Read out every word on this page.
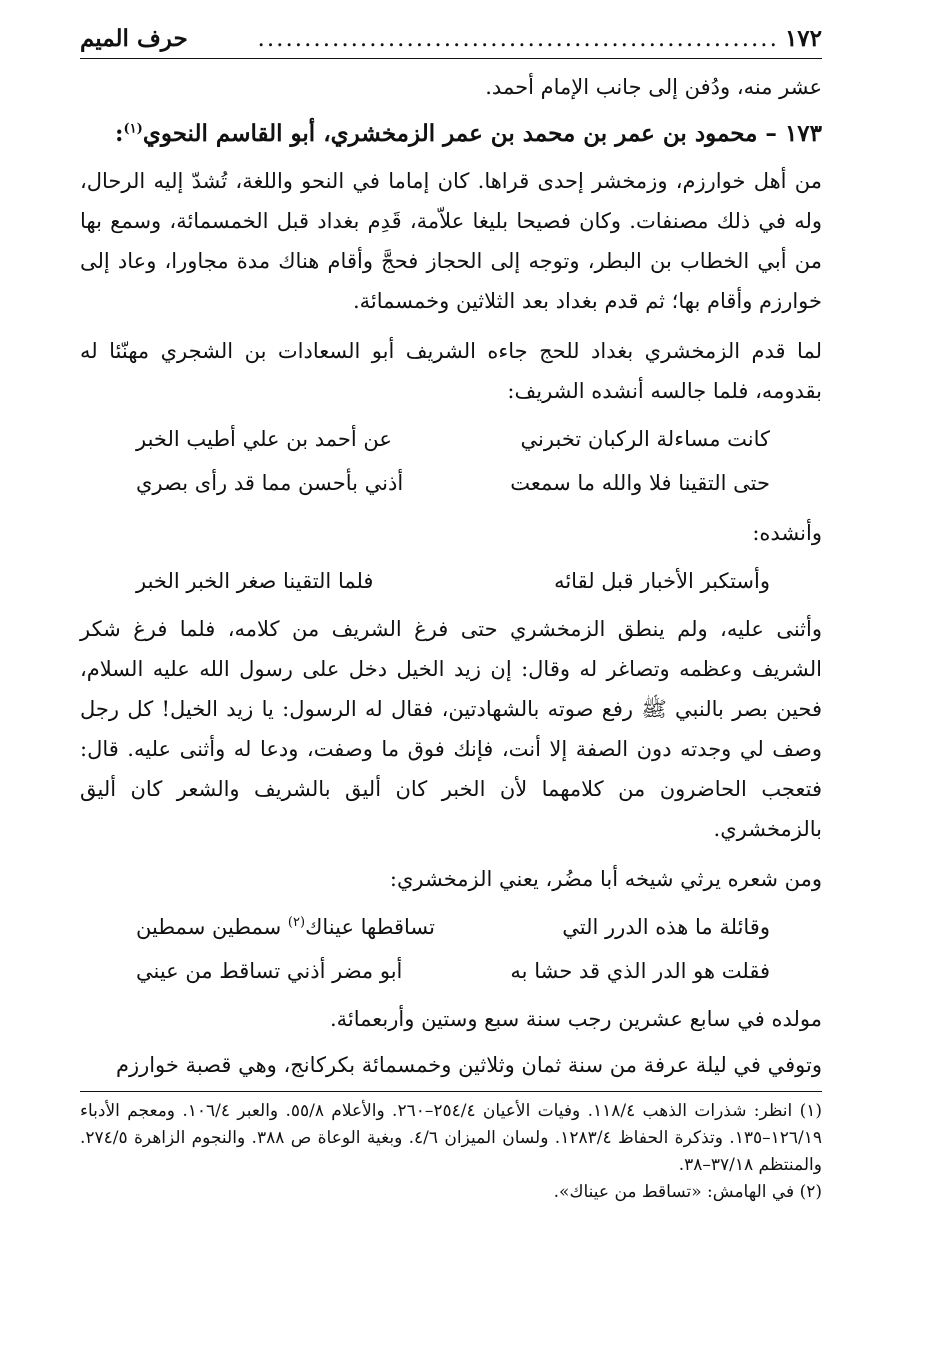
١٧٢
........................................................
حرف الميم

عشر منه، ودُفن إلى جانب الإمام أحمد.

١٧٣ – محمود بن عمر بن محمد بن عمر الزمخشري، أبو القاسم النحوي$^{(١)}$:

من أهل خوارزم، وزمخشر إحدى قراها. كان إماما في النحو واللغة، تُشدّ إليه الرحال، وله في ذلك مصنفات. وكان فصيحا بليغا علاّمة، قَدِم بغداد قبل الخمسمائة، وسمع بها من أبي الخطاب بن البطر، وتوجه إلى الحجاز فحجَّ وأقام هناك مدة مجاورا، وعاد إلى خوارزم وأقام بها؛ ثم قدم بغداد بعد الثلاثين وخمسمائة.

لما قدم الزمخشري بغداد للحج جاءه الشريف أبو السعادات بن الشجري مهنّئا له بقدومه، فلما جالسه أنشده الشريف:

كانت مساءلة الركبان تخبرني
عن أحمد بن علي أطيب الخبر
حتى التقينا فلا والله ما سمعت
أذني بأحسن مما قد رأى بصري

وأنشده:

وأستكبر الأخبار قبل لقائه
فلما التقينا صغر الخبر الخبر

وأثنى عليه، ولم ينطق الزمخشري حتى فرغ الشريف من كلامه، فلما فرغ شكر الشريف وعظمه وتصاغر له وقال: إن زيد الخيل دخل على رسول الله عليه السلام، فحين بصر بالنبي ﷺ رفع صوته بالشهادتين، فقال له الرسول: يا زيد الخيل! كل رجل وصف لي وجدته دون الصفة إلا أنت، فإنك فوق ما وصفت، ودعا له وأثنى عليه. قال: فتعجب الحاضرون من كلامهما لأن الخبر كان أليق بالشريف والشعر كان أليق بالزمخشري.

ومن شعره يرثي شيخه أبا مضُر، يعني الزمخشري:

وقائلة ما هذه الدرر التي
تساقطها عيناك$^{(٢)}$ سمطين سمطين
فقلت هو الدر الذي قد حشا به
أبو مضر أذني تساقط من عيني

مولده في سابع عشرين رجب سنة سبع وستين وأربعمائة.

وتوفي في ليلة عرفة من سنة ثمان وثلاثين وخمسمائة بكركانج، وهي قصبة خوارزم

(١) انظر: شذرات الذهب ١١٨/٤. وفيات الأعيان ٢٥٤/٤–٢٦٠. والأعلام ٥٥/٨. والعبر ١٠٦/٤. ومعجم الأدباء ١٢٦/١٩–١٣٥. وتذكرة الحفاظ ١٢٨٣/٤. ولسان الميزان ٤/٦. وبغية الوعاة ص ٣٨٨. والنجوم الزاهرة ٢٧٤/٥. والمنتظم ٣٧/١٨–٣٨.

(٢) في الهامش: «تساقط من عيناك».
